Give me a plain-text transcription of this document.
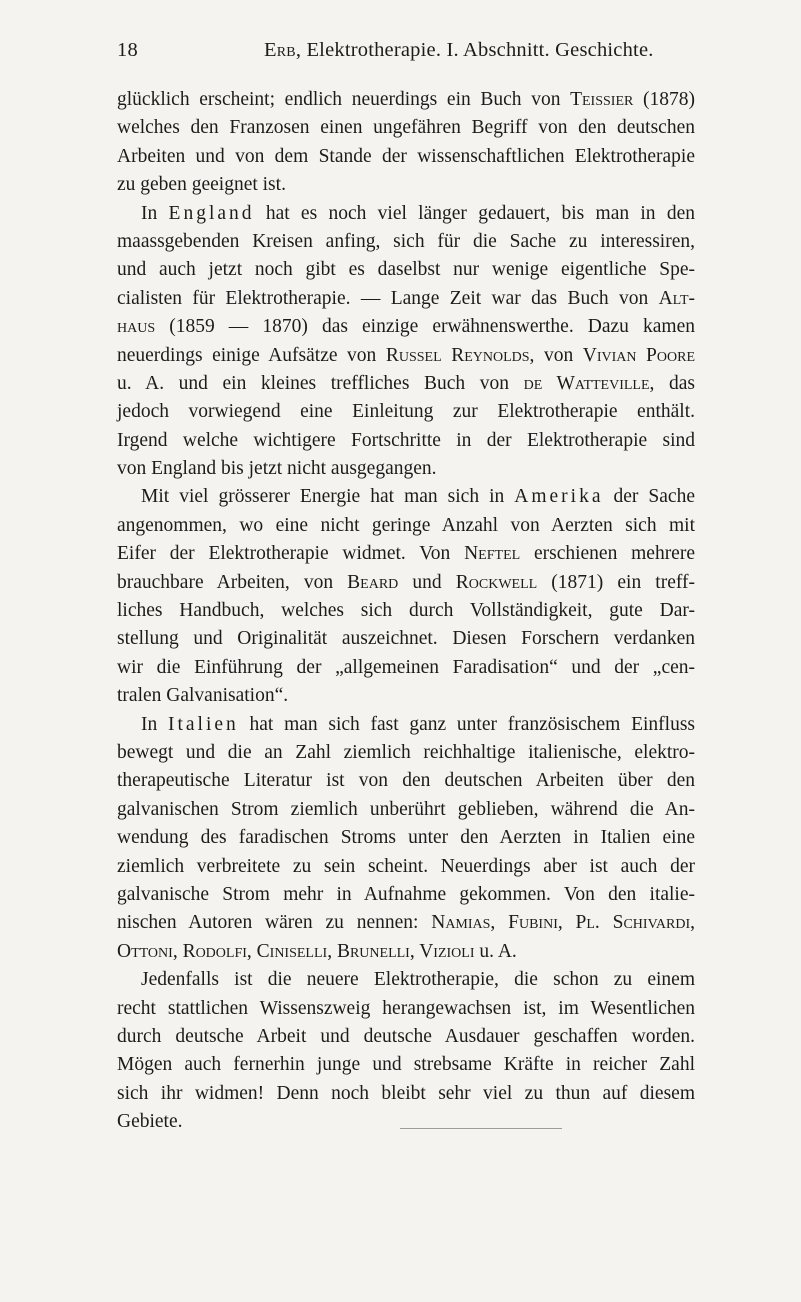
18	Erb, Elektrotherapie. I. Abschnitt. Geschichte.
glücklich erscheint; endlich neuerdings ein Buch von Teissier (1878)
welches den Franzosen einen ungefähren Begriff von den deutschen
Arbeiten und von dem Stande der wissenschaftlichen Elektrotherapie
zu geben geeignet ist.
In England hat es noch viel länger gedauert, bis man in den
maassgebenden Kreisen anfing, sich für die Sache zu interessiren,
und auch jetzt noch gibt es daselbst nur wenige eigentliche Spe-
cialisten für Elektrotherapie. — Lange Zeit war das Buch von Alt-
haus (1859 — 1870) das einzige erwähnenswerthe. Dazu kamen
neuerdings einige Aufsätze von Russel Reynolds, von Vivian Poore
u. A. und ein kleines treffliches Buch von de Watteville, das
jedoch vorwiegend eine Einleitung zur Elektrotherapie enthält.
Irgend welche wichtigere Fortschritte in der Elektrotherapie sind
von England bis jetzt nicht ausgegangen.
Mit viel grösserer Energie hat man sich in Amerika der Sache
angenommen, wo eine nicht geringe Anzahl von Aerzten sich mit
Eifer der Elektrotherapie widmet. Von Neftel erschienen mehrere
brauchbare Arbeiten, von Beard und Rockwell (1871) ein treff-
liches Handbuch, welches sich durch Vollständigkeit, gute Dar-
stellung und Originalität auszeichnet. Diesen Forschern verdanken
wir die Einführung der „allgemeinen Faradisation“ und der „cen-
tralen Galvanisation“.
In Italien hat man sich fast ganz unter französischem Einfluss
bewegt und die an Zahl ziemlich reichhaltige italienische, elektro-
therapeutische Literatur ist von den deutschen Arbeiten über den
galvanischen Strom ziemlich unberührt geblieben, während die An-
wendung des faradischen Stroms unter den Aerzten in Italien eine
ziemlich verbreitete zu sein scheint. Neuerdings aber ist auch der
galvanische Strom mehr in Aufnahme gekommen. Von den italie-
nischen Autoren wären zu nennen: Namias, Fubini, Pl. Schivardi,
Ottoni, Rodolfi, Ciniselli, Brunelli, Vizioli u. A.
Jedenfalls ist die neuere Elektrotherapie, die schon zu einem
recht stattlichen Wissenszweig herangewachsen ist, im Wesentlichen
durch deutsche Arbeit und deutsche Ausdauer geschaffen worden.
Mögen auch fernerhin junge und strebsame Kräfte in reicher Zahl
sich ihr widmen! Denn noch bleibt sehr viel zu thun auf diesem
Gebiete.
